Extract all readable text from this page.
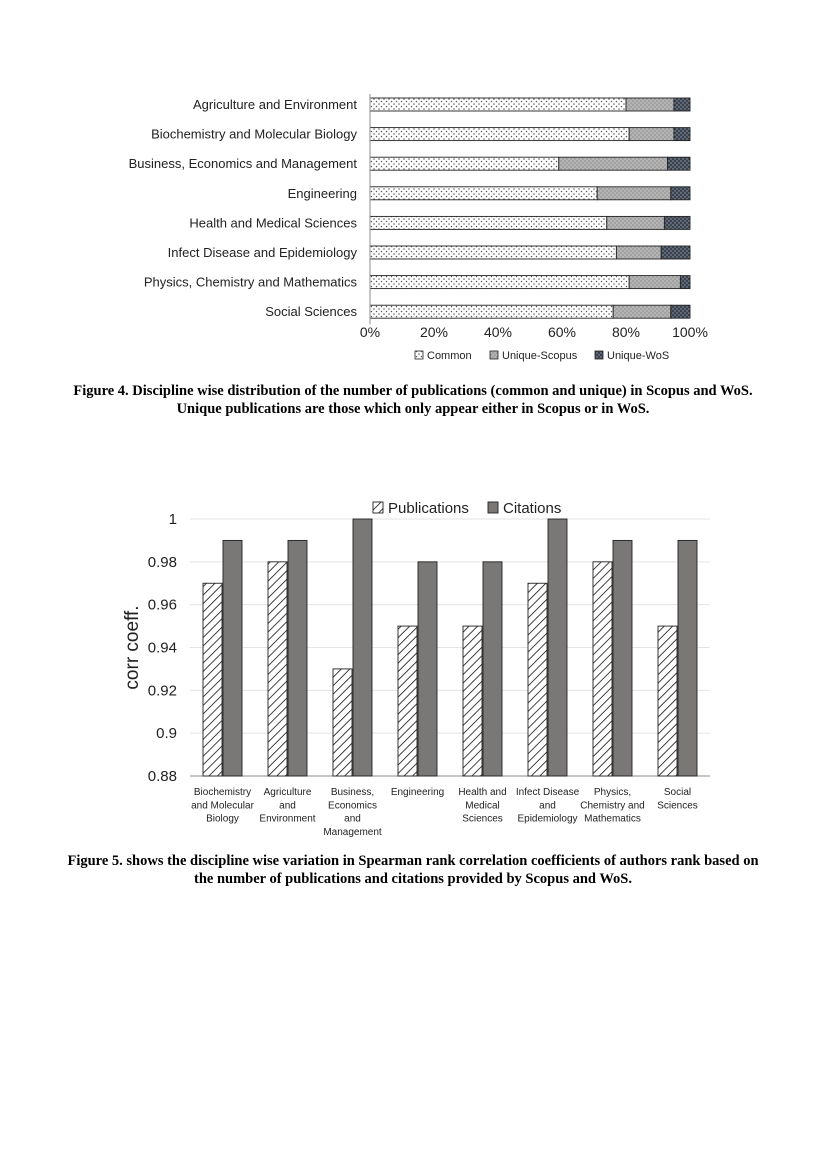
Agriculture and Environment
Biochemistry and Molecular Biology
Business, Economics and Management
Engineering
Health and Medical Sciences
Infect Disease and Epidemiology
Physics, Chemistry and Mathematics
Social Sciences
0%	20%	40%	60%	80% 100%
Common	Unique-Scopus	Unique-WoS
Figure 4. Discipline wise distribution of the number of publications (common and unique) in Scopus and WoS. Unique publications are those which only appear either in Scopus or in WoS.
0.88
0.9
0.92
0.94
0.96
0.98
1
corr coeff.
Biochemistry
and Molecular
Biology
Agriculture
and
Environment
Business,
Economics
and
Management
Engineering Health and
Medical
Sciences
Infect Disease
and
Epidemiology
Physics,
Chemistry and
Mathematics
Social
Sciences
Publications Citations
Figure 5. shows the discipline wise variation in Spearman rank correlation coefficients of authors rank based on the number of publications and citations provided by Scopus and WoS.
